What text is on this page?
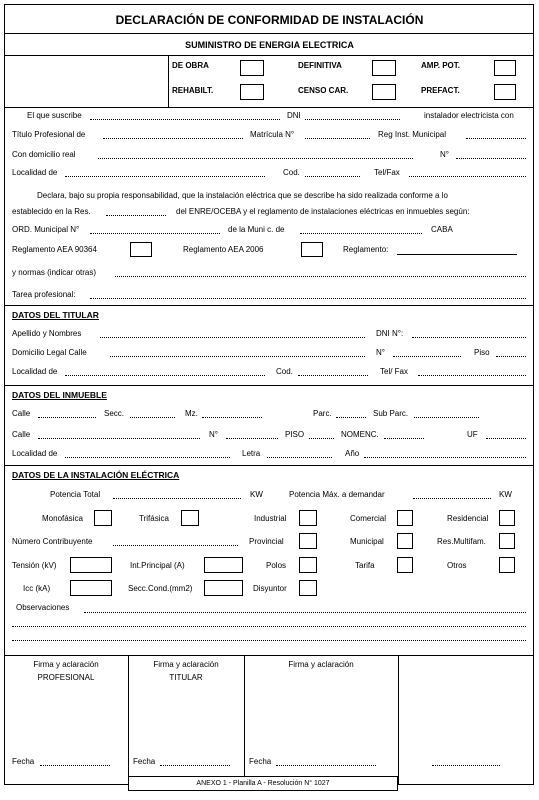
DECLARACIÓN DE CONFORMIDAD DE INSTALACIÓN
SUMINISTRO DE ENERGIA ELECTRICA
DE OBRA	DEFINITIVA	AMP. POT.
REHABILT.	CENSO CAR.	PREFACT.
El que suscribe	DNI	instalador electricista con
Título Profesional de	Matrícula N°	Reg Inst. Municipal
Con domicilio real	N°
Localidad de	Cod.	Tel/Fax
Declara, bajo su propia responsabilidad, que la instalación eléctrica que se describe ha sido realizada conforme a lo
establecido en la Res.	del ENRE/OCEBA y el reglamento de instalaciones eléctricas en inmuebles según:
ORD. Municipal N°	de la Muni c. de	CABA
Reglamento AEA 90364	Reglamento AEA 2006	Reglamento:
y normas (indicar otras)
Tarea profesional:
DATOS DEL TITULAR
Apellido y Nombres	DNI N°:
Domicilio Legal Calle	N°	Piso
Localidad de	Cod.	Tel/ Fax
DATOS DEL INMUEBLE
Calle	Secc.	Mz.	Parc.	Sub Parc.
Calle	N°	PISO	NOMENC.	UF
Localidad de	Letra	Año
DATOS DE LA INSTALACIÓN ELÉCTRICA
Potencia Total	KW	Potencia Máx. a demandar	KW
Monofásica	Trifásica	Industrial	Comercial	Residencial
Número Contribuyente	Provincial	Municipal	Res.Multifam.
Tensión (kV)	Int.Principal (A)	Polos	Tarifa	Otros
Icc (kA)	Secc.Cond.(mm2)	Disyuntor
Observaciones
Firma y aclaración
PROFESIONAL
Firma y aclaración
TITULAR
Firma y aclaración
Fecha	Fecha	Fecha
ANEXO 1 - Planilla A - Resolución N° 1027
